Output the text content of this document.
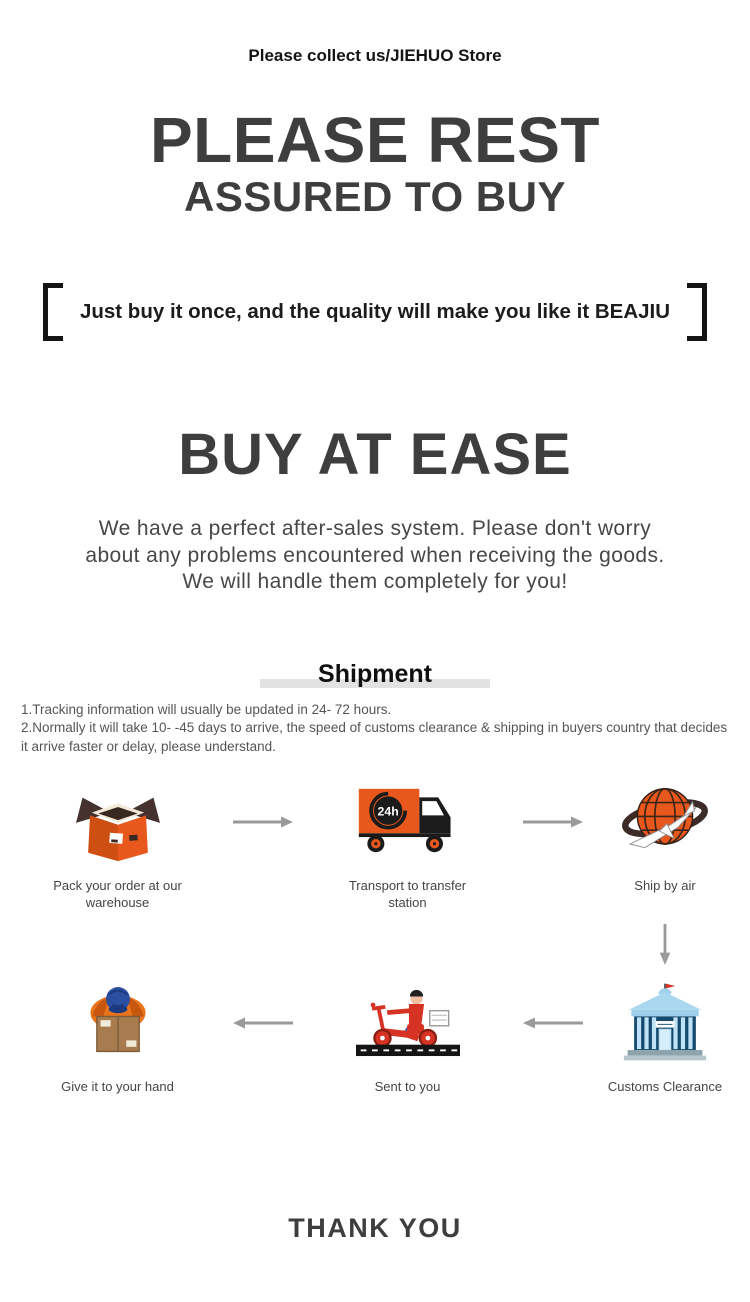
Please collect us/JIEHUO Store
PLEASE REST
ASSURED TO BUY
Just buy it once, and the quality will make you like it BEAJIU
BUY AT EASE
We have a perfect after-sales system. Please don't worry about any problems encountered when receiving the goods. We will handle them completely for you!
Shipment
1.Tracking information will usually be updated in 24- 72 hours.
2.Normally it will take 10- -45 days to arrive, the speed of customs clearance & shipping in buyers country that decides it arrive faster or delay, please understand.
Pack your order at our warehouse
24h
Transport to transfer station
Ship by air
Give it to your hand	Sent to you	Customs Clearance
THANK YOU
